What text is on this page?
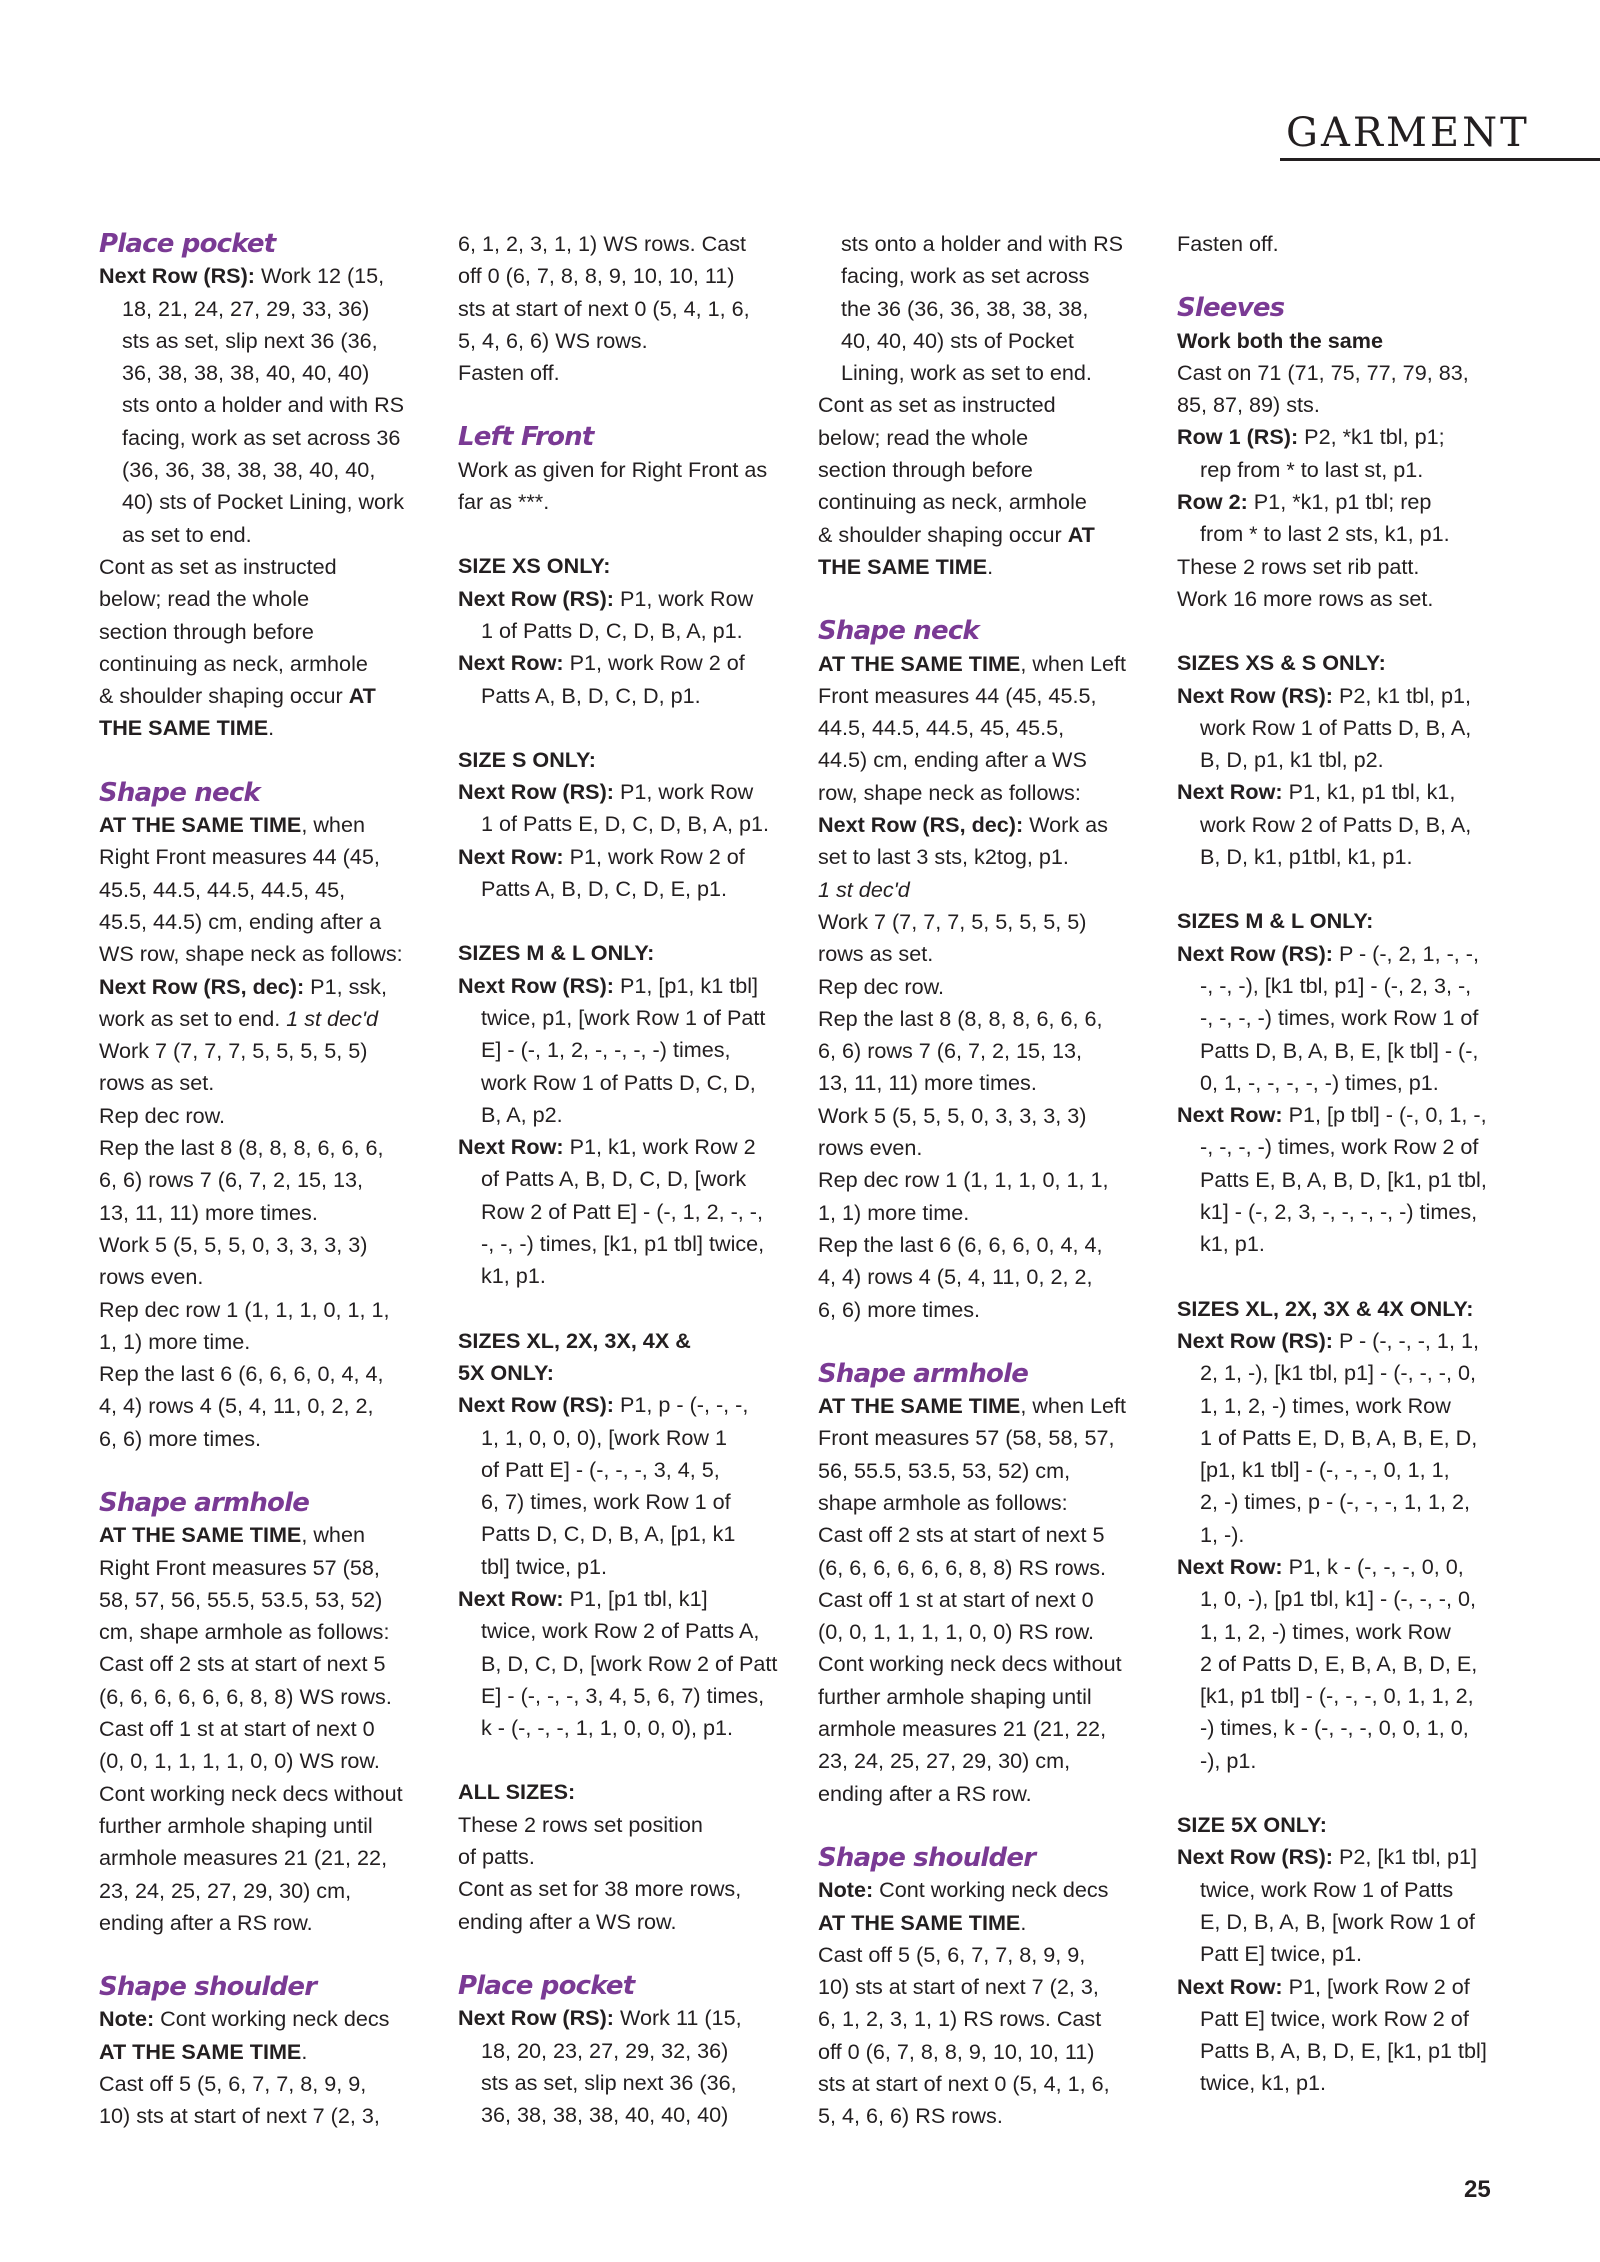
GARMENT
Place pocket
Next Row (RS): Work 12 (15,
18, 21, 24, 27, 29, 33, 36)
sts as set, slip next 36 (36,
36, 38, 38, 38, 40, 40, 40)
sts onto a holder and with RS
facing, work as set across 36
(36, 36, 38, 38, 38, 40, 40,
40) sts of Pocket Lining, work
as set to end.
Cont as set as instructed
below; read the whole
section through before
continuing as neck, armhole
& shoulder shaping occur AT
THE SAME TIME.
Shape neck
AT THE SAME TIME, when
Right Front measures 44 (45,
45.5, 44.5, 44.5, 44.5, 45,
45.5, 44.5) cm, ending after a
WS row, shape neck as follows:
Next Row (RS, dec): P1, ssk,
work as set to end. 1 st dec'd
Work 7 (7, 7, 7, 5, 5, 5, 5, 5)
rows as set.
Rep dec row.
Rep the last 8 (8, 8, 8, 6, 6, 6,
6, 6) rows 7 (6, 7, 2, 15, 13,
13, 11, 11) more times.
Work 5 (5, 5, 5, 0, 3, 3, 3, 3)
rows even.
Rep dec row 1 (1, 1, 1, 0, 1, 1,
1, 1) more time.
Rep the last 6 (6, 6, 6, 0, 4, 4,
4, 4) rows 4 (5, 4, 11, 0, 2, 2,
6, 6) more times.
Shape armhole
AT THE SAME TIME, when
Right Front measures 57 (58,
58, 57, 56, 55.5, 53.5, 53, 52)
cm, shape armhole as follows:
Cast off 2 sts at start of next 5
(6, 6, 6, 6, 6, 6, 8, 8) WS rows.
Cast off 1 st at start of next 0
(0, 0, 1, 1, 1, 1, 0, 0) WS row.
Cont working neck decs without
further armhole shaping until
armhole measures 21 (21, 22,
23, 24, 25, 27, 29, 30) cm,
ending after a RS row.
Shape shoulder
Note: Cont working neck decs
AT THE SAME TIME.
Cast off 5 (5, 6, 7, 7, 8, 9, 9,
10) sts at start of next 7 (2, 3,
6, 1, 2, 3, 1, 1) WS rows. Cast
off 0 (6, 7, 8, 8, 9, 10, 10, 11)
sts at start of next 0 (5, 4, 1, 6,
5, 4, 6, 6) WS rows.
Fasten off.
Left Front
Work as given for Right Front as
far as ***.
SIZE XS ONLY:
Next Row (RS): P1, work Row
1 of Patts D, C, D, B, A, p1.
Next Row: P1, work Row 2 of
Patts A, B, D, C, D, p1.
SIZE S ONLY:
Next Row (RS): P1, work Row
1 of Patts E, D, C, D, B, A, p1.
Next Row: P1, work Row 2 of
Patts A, B, D, C, D, E, p1.
SIZES M & L ONLY:
Next Row (RS): P1, [p1, k1 tbl]
twice, p1, [work Row 1 of Patt
E] - (-, 1, 2, -, -, -, -) times,
work Row 1 of Patts D, C, D,
B, A, p2.
Next Row: P1, k1, work Row 2
of Patts A, B, D, C, D, [work
Row 2 of Patt E] - (-, 1, 2, -, -,
-, -, -) times, [k1, p1 tbl] twice,
k1, p1.
SIZES XL, 2X, 3X, 4X &
5X ONLY:
Next Row (RS): P1, p - (-, -, -,
1, 1, 0, 0, 0), [work Row 1
of Patt E] - (-, -, -, 3, 4, 5,
6, 7) times, work Row 1 of
Patts D, C, D, B, A, [p1, k1
tbl] twice, p1.
Next Row: P1, [p1 tbl, k1]
twice, work Row 2 of Patts A,
B, D, C, D, [work Row 2 of Patt
E] - (-, -, -, 3, 4, 5, 6, 7) times,
k - (-, -, -, 1, 1, 0, 0, 0), p1.
ALL SIZES:
These 2 rows set position
of patts.
Cont as set for 38 more rows,
ending after a WS row.
Place pocket
Next Row (RS): Work 11 (15,
18, 20, 23, 27, 29, 32, 36)
sts as set, slip next 36 (36,
36, 38, 38, 38, 40, 40, 40)
sts onto a holder and with RS
facing, work as set across
the 36 (36, 36, 38, 38, 38,
40, 40, 40) sts of Pocket
Lining, work as set to end.
Cont as set as instructed
below; read the whole
section through before
continuing as neck, armhole
& shoulder shaping occur AT
THE SAME TIME.
Shape neck
AT THE SAME TIME, when Left
Front measures 44 (45, 45.5,
44.5, 44.5, 44.5, 45, 45.5,
44.5) cm, ending after a WS
row, shape neck as follows:
Next Row (RS, dec): Work as
set to last 3 sts, k2tog, p1.
1 st dec'd
Work 7 (7, 7, 7, 5, 5, 5, 5, 5)
rows as set.
Rep dec row.
Rep the last 8 (8, 8, 8, 6, 6, 6,
6, 6) rows 7 (6, 7, 2, 15, 13,
13, 11, 11) more times.
Work 5 (5, 5, 5, 0, 3, 3, 3, 3)
rows even.
Rep dec row 1 (1, 1, 1, 0, 1, 1,
1, 1) more time.
Rep the last 6 (6, 6, 6, 0, 4, 4,
4, 4) rows 4 (5, 4, 11, 0, 2, 2,
6, 6) more times.
Shape armhole
AT THE SAME TIME, when Left
Front measures 57 (58, 58, 57,
56, 55.5, 53.5, 53, 52) cm,
shape armhole as follows:
Cast off 2 sts at start of next 5
(6, 6, 6, 6, 6, 6, 8, 8) RS rows.
Cast off 1 st at start of next 0
(0, 0, 1, 1, 1, 1, 0, 0) RS row.
Cont working neck decs without
further armhole shaping until
armhole measures 21 (21, 22,
23, 24, 25, 27, 29, 30) cm,
ending after a RS row.
Shape shoulder
Note: Cont working neck decs
AT THE SAME TIME.
Cast off 5 (5, 6, 7, 7, 8, 9, 9,
10) sts at start of next 7 (2, 3,
6, 1, 2, 3, 1, 1) RS rows. Cast
off 0 (6, 7, 8, 8, 9, 10, 10, 11)
sts at start of next 0 (5, 4, 1, 6,
5, 4, 6, 6) RS rows.
Fasten off.
Sleeves
Work both the same
Cast on 71 (71, 75, 77, 79, 83,
85, 87, 89) sts.
Row 1 (RS): P2, *k1 tbl, p1;
rep from * to last st, p1.
Row 2: P1, *k1, p1 tbl; rep
from * to last 2 sts, k1, p1.
These 2 rows set rib patt.
Work 16 more rows as set.
SIZES XS & S ONLY:
Next Row (RS): P2, k1 tbl, p1,
work Row 1 of Patts D, B, A,
B, D, p1, k1 tbl, p2.
Next Row: P1, k1, p1 tbl, k1,
work Row 2 of Patts D, B, A,
B, D, k1, p1tbl, k1, p1.
SIZES M & L ONLY:
Next Row (RS): P - (-, 2, 1, -, -,
-, -, -), [k1 tbl, p1] - (-, 2, 3, -,
-, -, -, -) times, work Row 1 of
Patts D, B, A, B, E, [k tbl] - (-,
0, 1, -, -, -, -, -) times, p1.
Next Row: P1, [p tbl] - (-, 0, 1, -,
-, -, -, -) times, work Row 2 of
Patts E, B, A, B, D, [k1, p1 tbl,
k1] - (-, 2, 3, -, -, -, -, -) times,
k1, p1.
SIZES XL, 2X, 3X & 4X ONLY:
Next Row (RS): P - (-, -, -, 1, 1,
2, 1, -), [k1 tbl, p1] - (-, -, -, 0,
1, 1, 2, -) times, work Row
1 of Patts E, D, B, A, B, E, D,
[p1, k1 tbl] - (-, -, -, 0, 1, 1,
2, -) times, p - (-, -, -, 1, 1, 2,
1, -).
Next Row: P1, k - (-, -, -, 0, 0,
1, 0, -), [p1 tbl, k1] - (-, -, -, 0,
1, 1, 2, -) times, work Row
2 of Patts D, E, B, A, B, D, E,
[k1, p1 tbl] - (-, -, -, 0, 1, 1, 2,
-) times, k - (-, -, -, 0, 0, 1, 0,
-), p1.
SIZE 5X ONLY:
Next Row (RS): P2, [k1 tbl, p1]
twice, work Row 1 of Patts
E, D, B, A, B, [work Row 1 of
Patt E] twice, p1.
Next Row: P1, [work Row 2 of
Patt E] twice, work Row 2 of
Patts B, A, B, D, E, [k1, p1 tbl]
twice, k1, p1.
25
